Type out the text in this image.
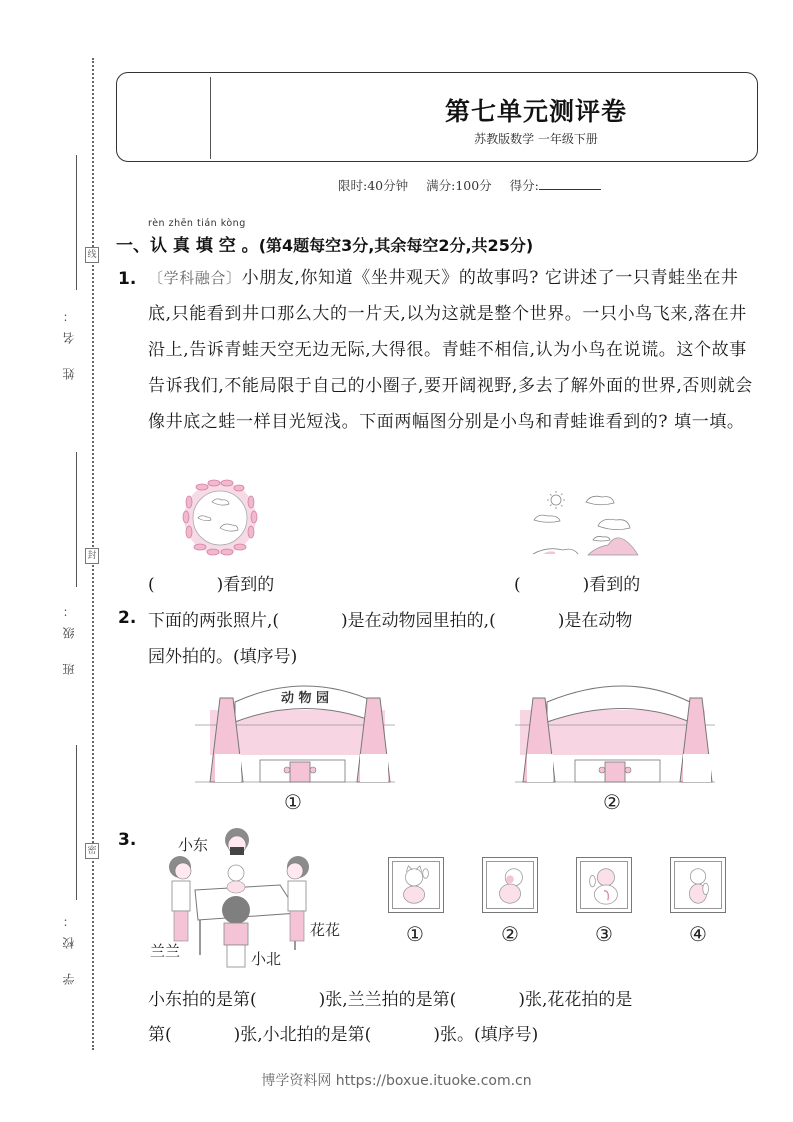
姓 名：
线
班 级：
封
学 校：
密
第七单元测评卷
苏教版数学 一年级下册
限时:40分钟 满分:100分 得分:
rèn zhēn tián kòng
一、认 真 填 空 。(第4题每空3分,其余每空2分,共25分)
1. 〔学科融合〕小朋友,你知道《坐井观天》的故事吗? 它讲述了一只青蛙坐在井底,只能看到井口那么大的一片天,以为这就是整个世界。一只小鸟飞来,落在井沿上,告诉青蛙天空无边无际,大得很。青蛙不相信,认为小鸟在说谎。这个故事告诉我们,不能局限于自己的小圈子,要开阔视野,多去了解外面的世界,否则就会像井底之蛙一样目光短浅。下面两幅图分别是小鸟和青蛙谁看到的? 填一填。
(	)看到的	(	)看到的
2. 下面的两张照片,(	)是在动物园里拍的,(	)是在动物
园外拍的。(填序号)
动 物 园
①	②
3.	小东
兰兰
花花
小北
①	②	③	④
小东拍的是第(	)张,兰兰拍的是第(	)张,花花拍的是
第(	)张,小北拍的是第(	)张。(填序号)
博学资料网 https://boxue.ituoke.com.cn
